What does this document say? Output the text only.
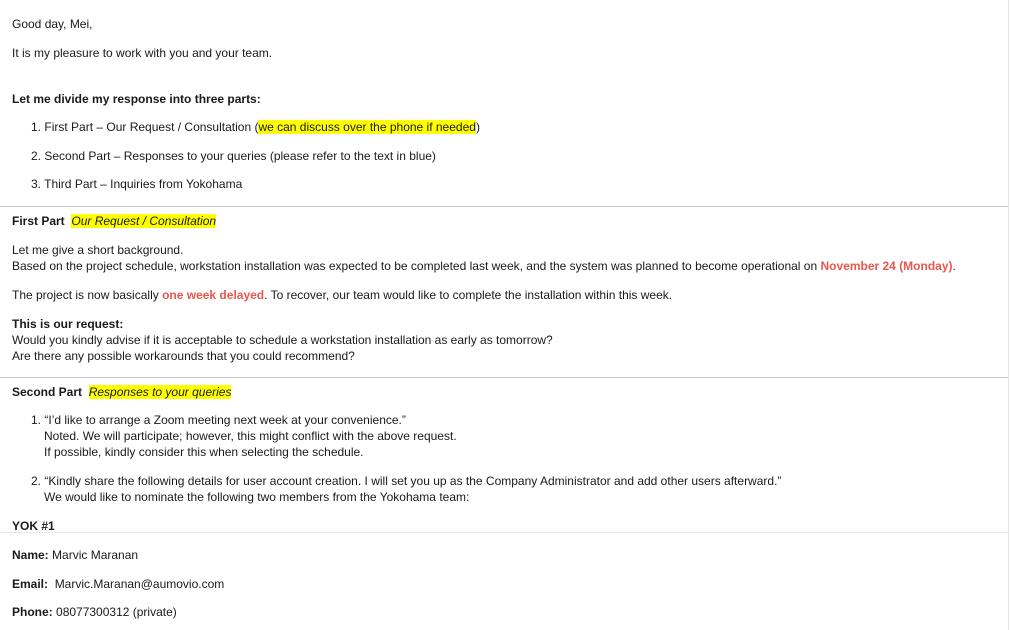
Good day, Mei,
It is my pleasure to work with you and your team.
Let me divide my response into three parts:
1. First Part – Our Request / Consultation (we can discuss over the phone if needed)
2. Second Part – Responses to your queries (please refer to the text in blue)
3. Third Part – Inquiries from Yokohama
First Part Our Request / Consultation
Let me give a short background.
Based on the project schedule, workstation installation was expected to be completed last week, and the system was planned to become operational on November 24 (Monday).
The project is now basically one week delayed. To recover, our team would like to complete the installation within this week.
This is our request:
Would you kindly advise if it is acceptable to schedule a workstation installation as early as tomorrow?
Are there any possible workarounds that you could recommend?
Second Part Responses to your queries
1. “I’d like to arrange a Zoom meeting next week at your convenience.”
Noted. We will participate; however, this might conflict with the above request.
If possible, kindly consider this when selecting the schedule.
2. “Kindly share the following details for user account creation. I will set you up as the Company Administrator and add other users afterward.”
We would like to nominate the following two members from the Yokohama team:
YOK #1
Name: Marvic Maranan
Email: Marvic.Maranan@aumovio.com
Phone: 08077300312 (private)
